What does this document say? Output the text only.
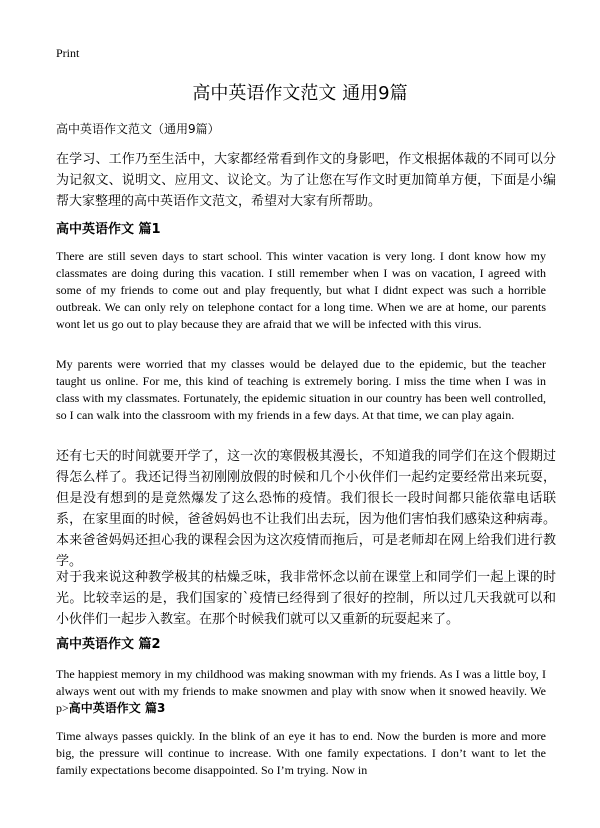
Print
高中英语作文范文 通用9篇
高中英语作文范文（通用9篇）
在学习、工作乃至生活中，大家都经常看到作文的身影吧，作文根据体裁的不同可以分为记叙文、说明文、应用文、议论文。为了让您在写作文时更加简单方便，下面是小编帮大家整理的高中英语作文范文，希望对大家有所帮助。
高中英语作文 篇1
There are still seven days to start school. This winter vacation is very long. I dont know how my classmates are doing during this vacation. I still remember when I was on vacation, I agreed with some of my friends to come out and play frequently, but what I didnt expect was such a horrible outbreak. We can only rely on telephone contact for a long time. When we are at home, our parents wont let us go out to play because they are afraid that we will be infected with this virus.
My parents were worried that my classes would be delayed due to the epidemic, but the teacher taught us online. For me, this kind of teaching is extremely boring. I miss the time when I was in class with my classmates. Fortunately, the epidemic situation in our country has been well controlled, so I can walk into the classroom with my friends in a few days. At that time, we can play again.
还有七天的时间就要开学了，这一次的寒假极其漫长，不知道我的同学们在这个假期过得怎么样了。我还记得当初刚刚放假的时候和几个小伙伴们一起约定要经常出来玩耍，但是没有想到的是竟然爆发了这么恐怖的疫情。我们很长一段时间都只能依靠电话联系，在家里面的时候，爸爸妈妈也不让我们出去玩，因为他们害怕我们感染这种病毒。本来爸爸妈妈还担心我的课程会因为这次疫情而拖后，可是老师却在网上给我们进行教学。
对于我来说这种教学极其的枯燥乏味，我非常怀念以前在课堂上和同学们一起上课的时光。比较幸运的是，我们国家的`疫情已经得到了很好的控制，所以过几天我就可以和小伙伴们一起步入教室。在那个时候我们就可以又重新的玩耍起来了。
高中英语作文 篇2
The happiest memory in my childhood was making snowman with my friends. As I was a little boy, I always went out with my friends to make snowmen and play with snow when it snowed heavily. We p>高中英语作文 篇3
Time always passes quickly. In the blink of an eye it has to end. Now the burden is more and more big, the pressure will continue to increase. With one family expectations. I don’t want to let the family expectations become disappointed. So I’m trying. Now in
